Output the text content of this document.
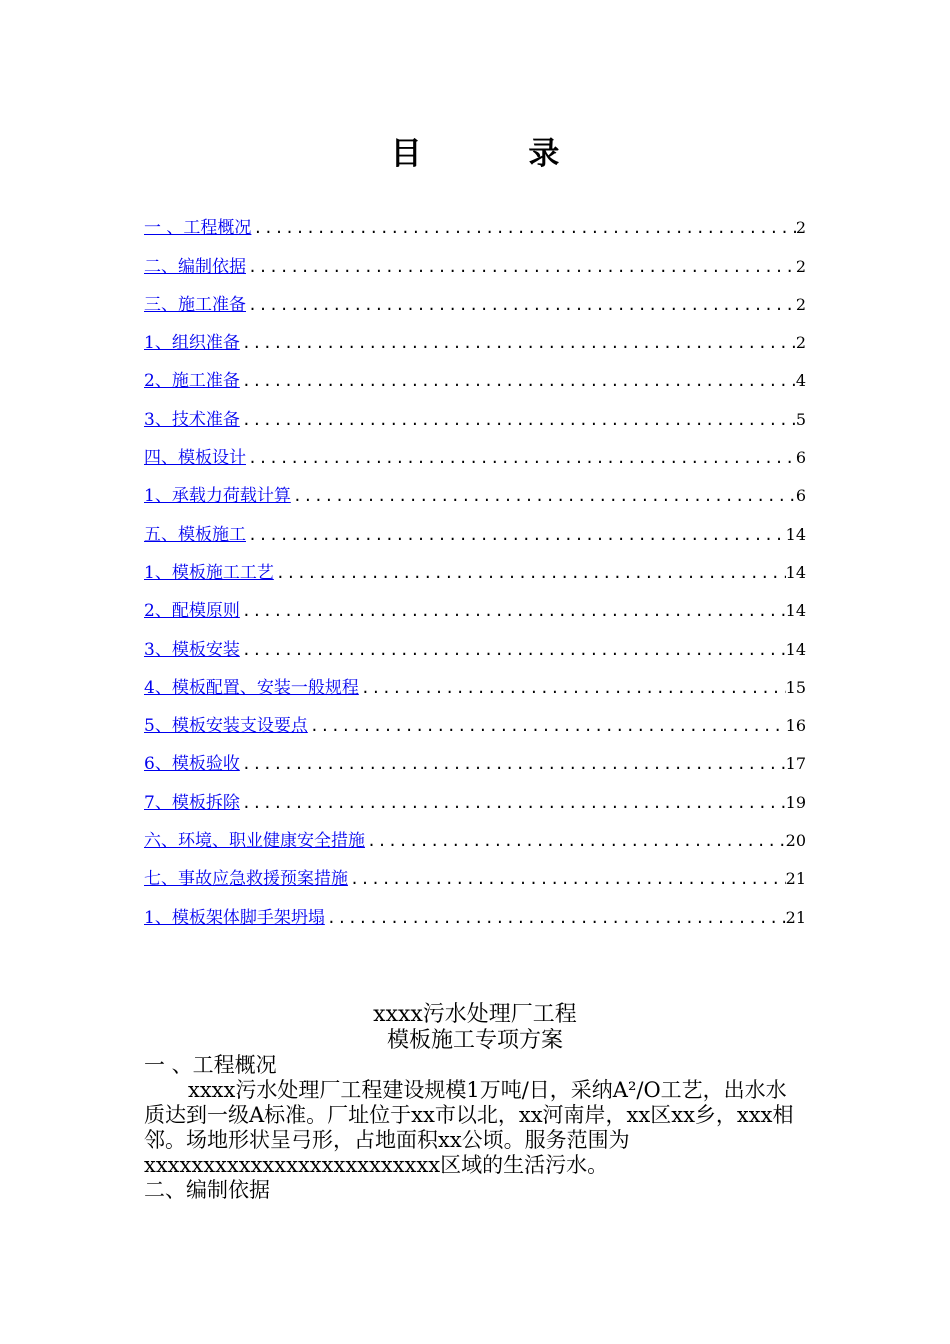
目 录
一 、工程概况 .....	2
二、编制依据 .....	2
三、施工准备 .....	2
1、组织准备 .....	2
2、施工准备 .....	4
3、技术准备 .....	5
四、模板设计 .....	6
1、承载力荷载计算 .....	6
五、模板施工 .....	14
1、模板施工工艺 .....	14
2、配模原则 .....	14
3、模板安装 .....	14
4、模板配置、安装一般规程 .....	15
5、模板安装支设要点 .....	16
6、模板验收 .....	17
7、模板拆除 .....	19
六、环境、职业健康安全措施 .....	20
七、事故应急救援预案措施 .....	21
1、模板架体脚手架坍塌 .....	21
xxxx污水处理厂工程
模板施工专项方案
一 、工程概况
xxxx污水处理厂工程建设规模1万吨/日，采纳A²/O工艺，出水水质达到一级A标准。厂址位于xx市以北，xx河南岸，xx区xx乡，xxx相邻。场地形状呈弓形，占地面积xx公顷。服务范围为xxxxxxxxxxxxxxxxxxxxxxxxx区域的生活污水。
二、编制依据
